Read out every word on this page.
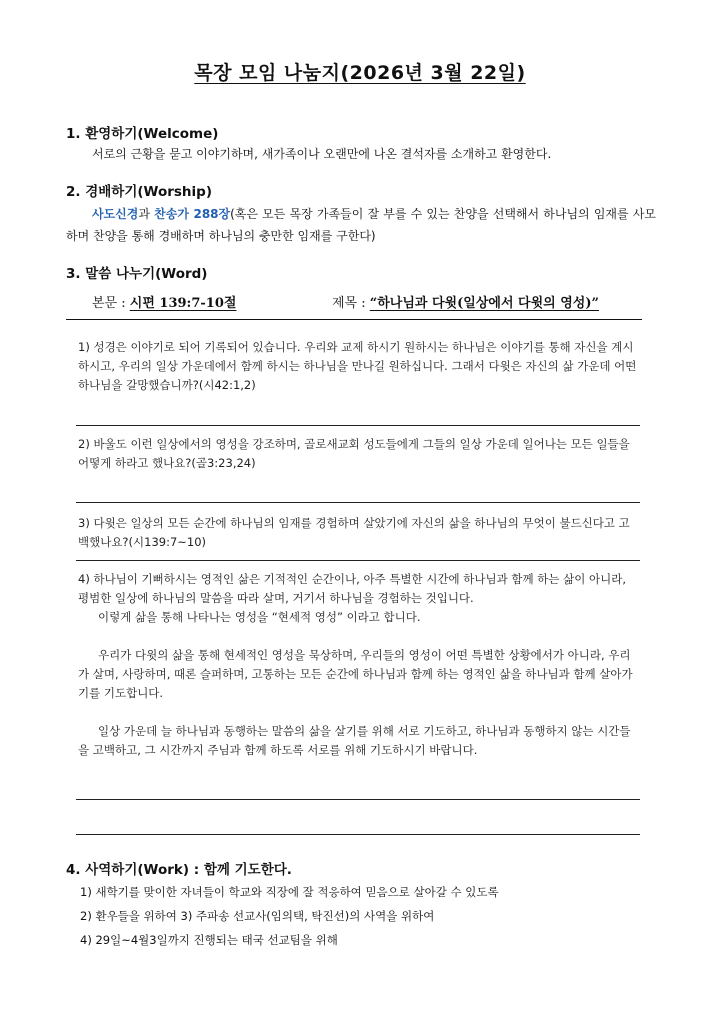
목장 모임 나눔지(2026년 3월 22일)
1. 환영하기(Welcome)
서로의 근황을 묻고 이야기하며, 새가족이나 오랜만에 나온 결석자를 소개하고 환영한다.
2. 경배하기(Worship)
사도신경과 찬송가 288장(혹은 모든 목장 가족들이 잘 부를 수 있는 찬양을 선택해서 하나님의 임재를 사모하며 찬양을 통해 경배하며 하나님의 충만한 임재를 구한다)
3. 말씀 나누기(Word)
본문 : 시편 139:7-10절	제목 : “하나님과 다윗(일상에서 다윗의 영성)”
1) 성경은 이야기로 되어 기록되어 있습니다. 우리와 교제 하시기 원하시는 하나님은 이야기를 통해 자신을 계시하시고, 우리의 일상 가운데에서 함께 하시는 하나님을 만나길 원하십니다. 그래서 다윗은 자신의 삶 가운데 어떤 하나님을 갈망했습니까?(시42:1,2)
2) 바울도 이런 일상에서의 영성을 강조하며, 골로새교회 성도들에게 그들의 일상 가운데 일어나는 모든 일들을 어떻게 하라고 했나요?(골3:23,24)
3) 다윗은 일상의 모든 순간에 하나님의 임재를 경험하며 살았기에 자신의 삶을 하나님의 무엇이 불드신다고 고백했나요?(시139:7~10)

4) 하나님이 기뻐하시는 영적인 삶은 기적적인 순간이나, 아주 특별한 시간에 하나님과 함께 하는 삶이 아니라, 평범한 일상에 하나님의 말씀을 따라 살며, 거기서 하나님을 경험하는 것입니다.

이렇게 삶을 통해 나타나는 영성을 “현세적 영성” 이라고 합니다.

우리가 다윗의 삶을 통해 현세적인 영성을 묵상하며, 우리들의 영성이 어떤 특별한 상황에서가 아니라, 우리가 살며, 사랑하며, 때론 슬퍼하며, 고통하는 모든 순간에 하나님과 함께 하는 영적인 삶을 하나님과 함께 살아가기를 기도합니다.

일상 가운데 늘 하나님과 동행하는 말씀의 삶을 살기를 위해 서로 기도하고, 하나님과 동행하지 않는 시간들을 고백하고, 그 시간까지 주님과 함께 하도록 서로를 위해 기도하시기 바랍니다.

4. 사역하기(Work) : 함께 기도한다.
1) 새학기를 맞이한 자녀들이 학교와 직장에 잘 적응하여 믿음으로 살아갈 수 있도록
2) 환우들을 위하여 3) 주파송 선교사(임의택, 탁진선)의 사역을 위하여
4) 29일~4월3일까지 진행되는 태국 선교팀을 위해
